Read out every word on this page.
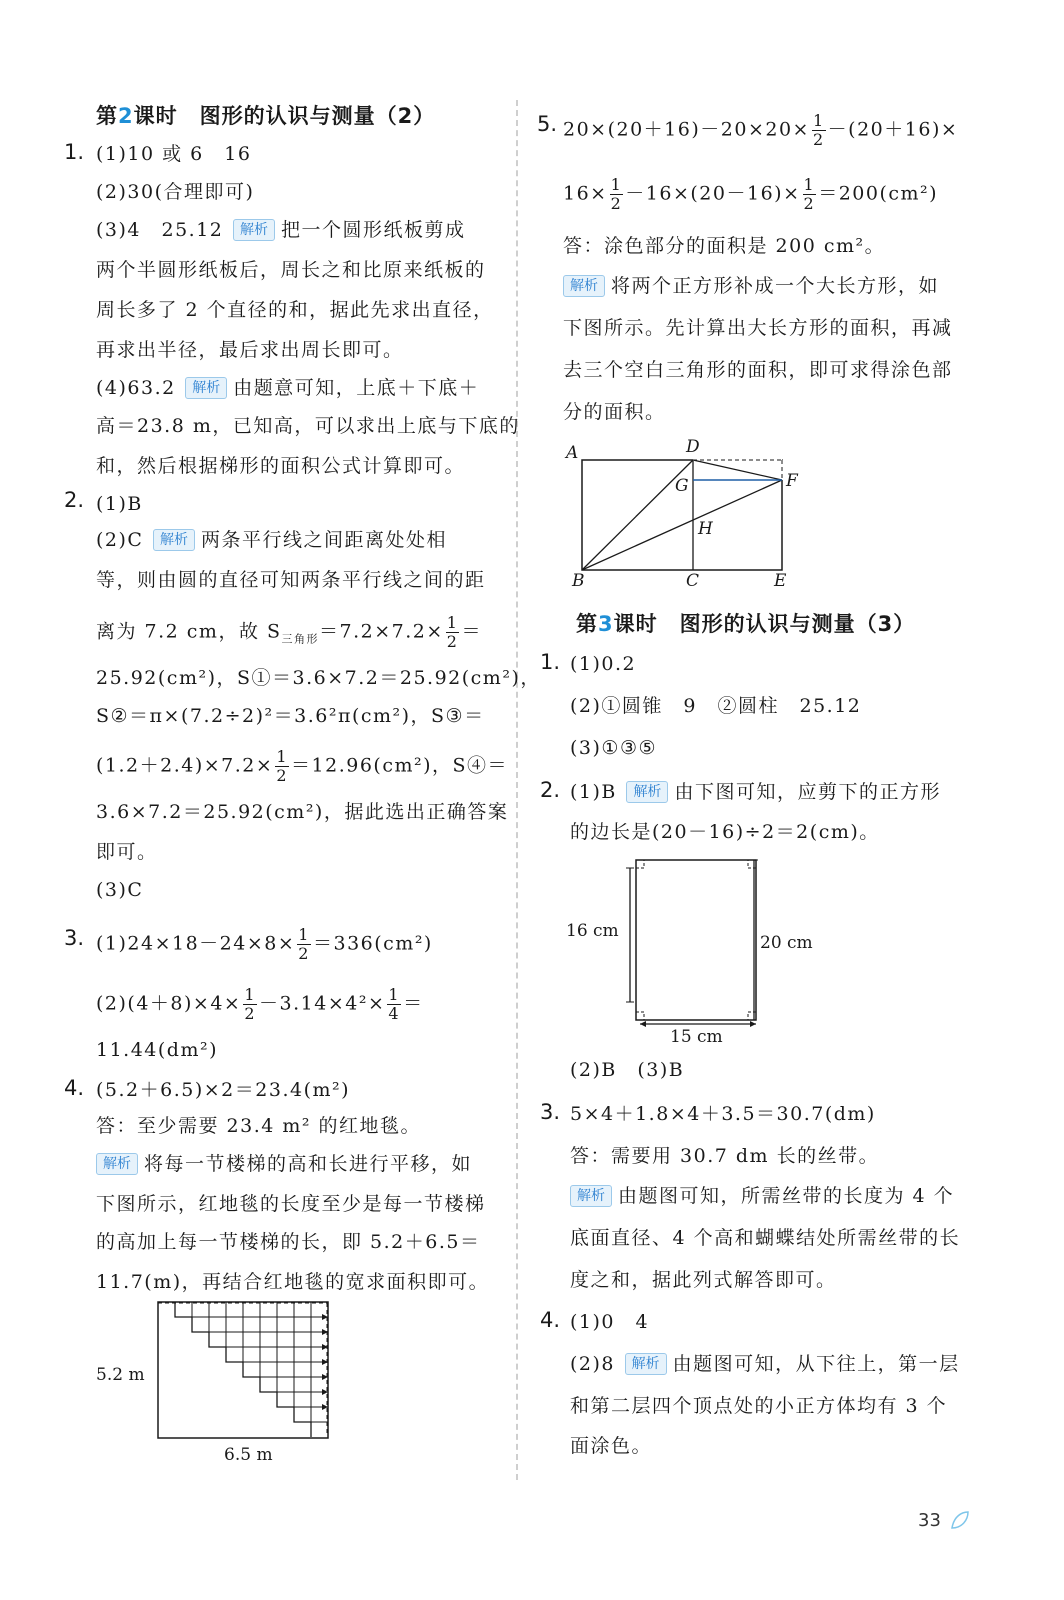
第2课时　图形的认识与测量（2）
1. (1)10 或 6　16
(2)30(合理即可)
(3)4　25.12 解析 把一个圆形纸板剪成
两个半圆形纸板后，周长之和比原来纸板的
周长多了 2 个直径的和，据此先求出直径，
再求出半径，最后求出周长即可。
(4)63.2 解析 由题意可知，上底＋下底＋
高＝23.8 m，已知高，可以求出上底与下底的
和，然后根据梯形的面积公式计算即可。
2. (1)B
(2)C 解析 两条平行线之间距离处处相
等，则由圆的直径可知两条平行线之间的距
离为 7.2 cm，故 $S_{三角形}=7.2\times 7.2\times \frac{1}{2}$ ＝
25.92(cm²)，S①＝3.6×7.2＝25.92(cm²)，
S②＝π×(7.2÷2)²＝3.6²π(cm²)，S③＝
$(1.2+2.4)\times 7.2\times \frac{1}{2} =12.96(cm^2)$，S④＝
3.6×7.2＝25.92(cm²)，据此选出正确答案
即可。
(3)C
3. $(1)24\times 18-24\times 8\times \frac{1}{2} =336(cm^2)$
$(2)(4+8)\times 4\times \frac{1}{2} -3.14\times 4^2\times \frac{1}{4}$ ＝
11.44(dm²)
4. (5.2＋6.5)×2＝23.4(m²)
答：至少需要 23.4 m² 的红地毯。
解析 将每一节楼梯的高和长进行平移，如
下图所示，红地毯的长度至少是每一节楼梯
的高加上每一节楼梯的长，即 5.2＋6.5＝
11.7(m)，再结合红地毯的宽求面积即可。
5.2 m
6.5 m
5. $20\times(20+16)-20\times 20\times \frac{1}{2} -(20+16)\times$
$16\times \frac{1}{2} -16\times(20-16)\times \frac{1}{2} =200(cm^2)$
答：涂色部分的面积是 200 cm²。
解析 将两个正方形补成一个大长方形，如
下图所示。先计算出大长方形的面积，再减
去三个空白三角形的面积，即可求得涂色部
分的面积。
A	D
F
G
H
B	C	E
第3课时　图形的认识与测量（3）
1. (1)0.2
(2)①圆锥　9　②圆柱　25.12
(3)①③⑤
2. (1)B 解析 由下图可知，应剪下的正方形
的边长是(20－16)÷2＝2(cm)。
16 cm
20 cm
15 cm
(2)B　(3)B
3. 5×4＋1.8×4＋3.5＝30.7(dm)
答：需要用 30.7 dm 长的丝带。
解析 由题图可知，所需丝带的长度为 4 个
底面直径、4 个高和蝴蝶结处所需丝带的长
度之和，据此列式解答即可。
4. (1)0　4
(2)8 解析 由题图可知，从下往上，第一层
和第二层四个顶点处的小正方体均有 3 个
面涂色。
33
